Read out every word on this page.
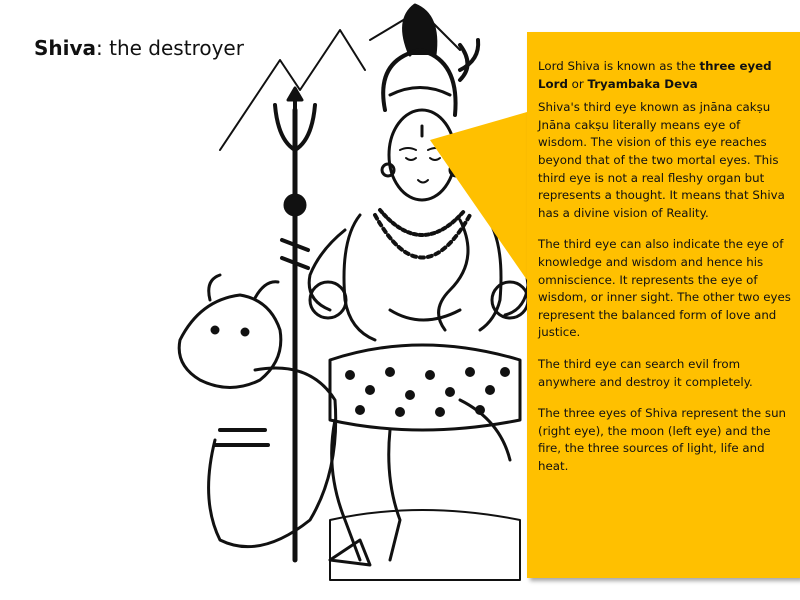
Shiva: the destroyer

Lord Shiva is known as the three eyed Lord or Tryambaka Deva

Shiva's third eye known as jnāna cakṣu Jnāna cakṣu literally means eye of wisdom. The vision of this eye reaches beyond that of the two mortal eyes. This third eye is not a real fleshy organ but represents a thought. It means that Shiva has a divine vision of Reality.

The third eye can also indicate the eye of knowledge and wisdom and hence his omniscience. It represents the eye of wisdom, or inner sight. The other two eyes represent the balanced form of love and justice.

The third eye can search evil from anywhere and destroy it completely.

The three eyes of Shiva represent the sun (right eye), the moon (left eye) and the fire, the three sources of light, life and heat.
